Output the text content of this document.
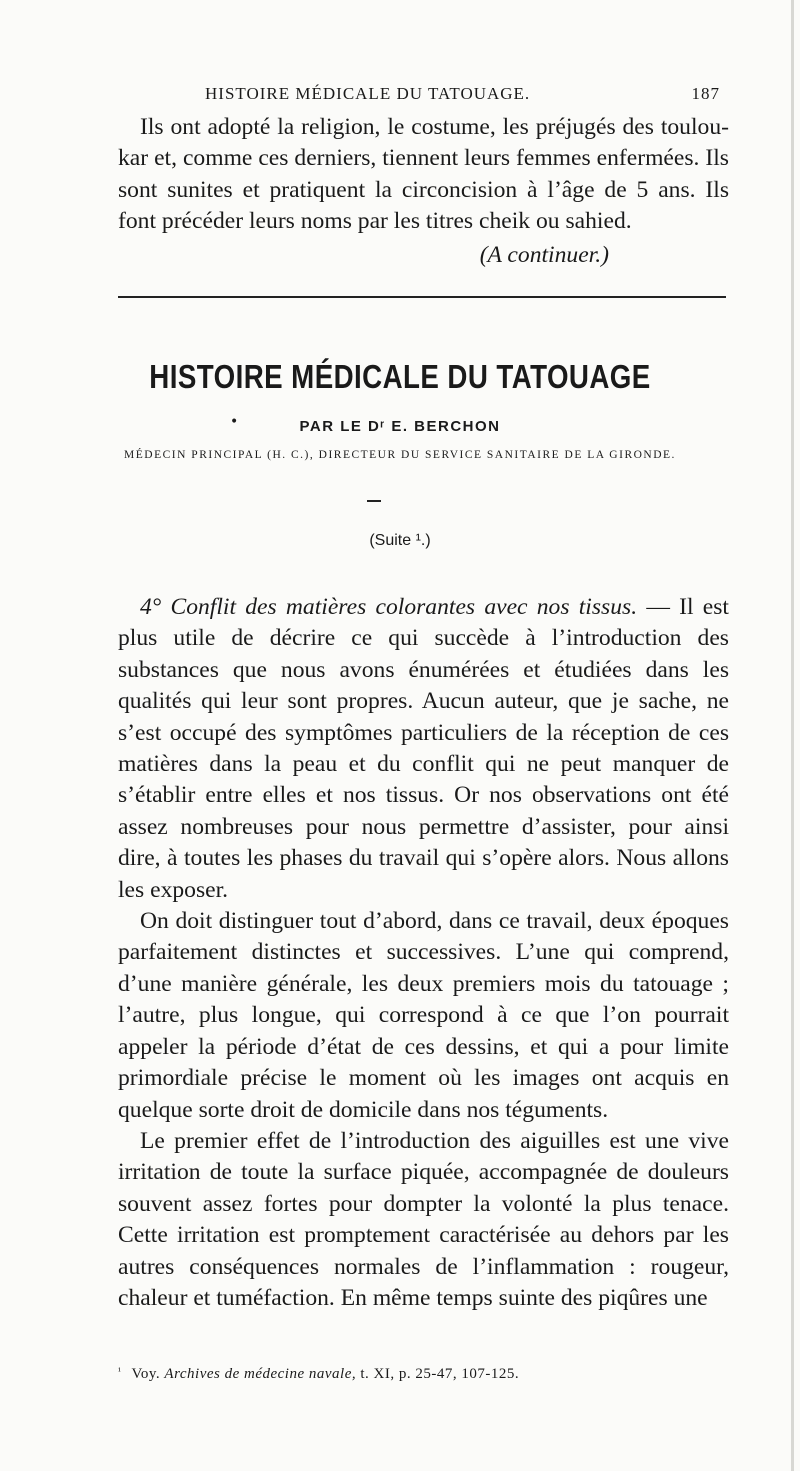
HISTOIRE MÉDICALE DU TATOUAGE.	187

Ils ont adopté la religion, le costume, les préjugés des toulou-kar et, comme ces derniers, tiennent leurs femmes enfermées. Ils sont sunites et pratiquent la circoncision à l’âge de 5 ans. Ils font précéder leurs noms par les titres cheik ou sahied.

(A continuer.)

HISTOIRE MÉDICALE DU TATOUAGE
•	PAR LE Dʳ E. BERCHON
MÉDECIN PRINCIPAL (H. C.), DIRECTEUR DU SERVICE SANITAIRE DE LA GIRONDE.
(Suite ¹.)

4° Conflit des matières colorantes avec nos tissus. — Il est plus utile de décrire ce qui succède à l’introduction des substances que nous avons énumérées et étudiées dans les qualités qui leur sont propres. Aucun auteur, que je sache, ne s’est occupé des symptômes particuliers de la réception de ces matières dans la peau et du conflit qui ne peut manquer de s’établir entre elles et nos tissus. Or nos observations ont été assez nombreuses pour nous permettre d’assister, pour ainsi dire, à toutes les phases du travail qui s’opère alors. Nous allons les exposer.

On doit distinguer tout d’abord, dans ce travail, deux époques parfaitement distinctes et successives. L’une qui comprend, d’une manière générale, les deux premiers mois du tatouage ; l’autre, plus longue, qui correspond à ce que l’on pourrait appeler la période d’état de ces dessins, et qui a pour limite primordiale précise le moment où les images ont acquis en quelque sorte droit de domicile dans nos téguments.

Le premier effet de l’introduction des aiguilles est une vive irritation de toute la surface piquée, accompagnée de douleurs souvent assez fortes pour dompter la volonté la plus tenace. Cette irritation est promptement caractérisée au dehors par les autres conséquences normales de l’inflammation : rougeur, chaleur et tuméfaction. En même temps suinte des piqûres une

$^{^1}$ Voy. Archives de médecine navale, t. XI, p. 25-47, 107-125.
